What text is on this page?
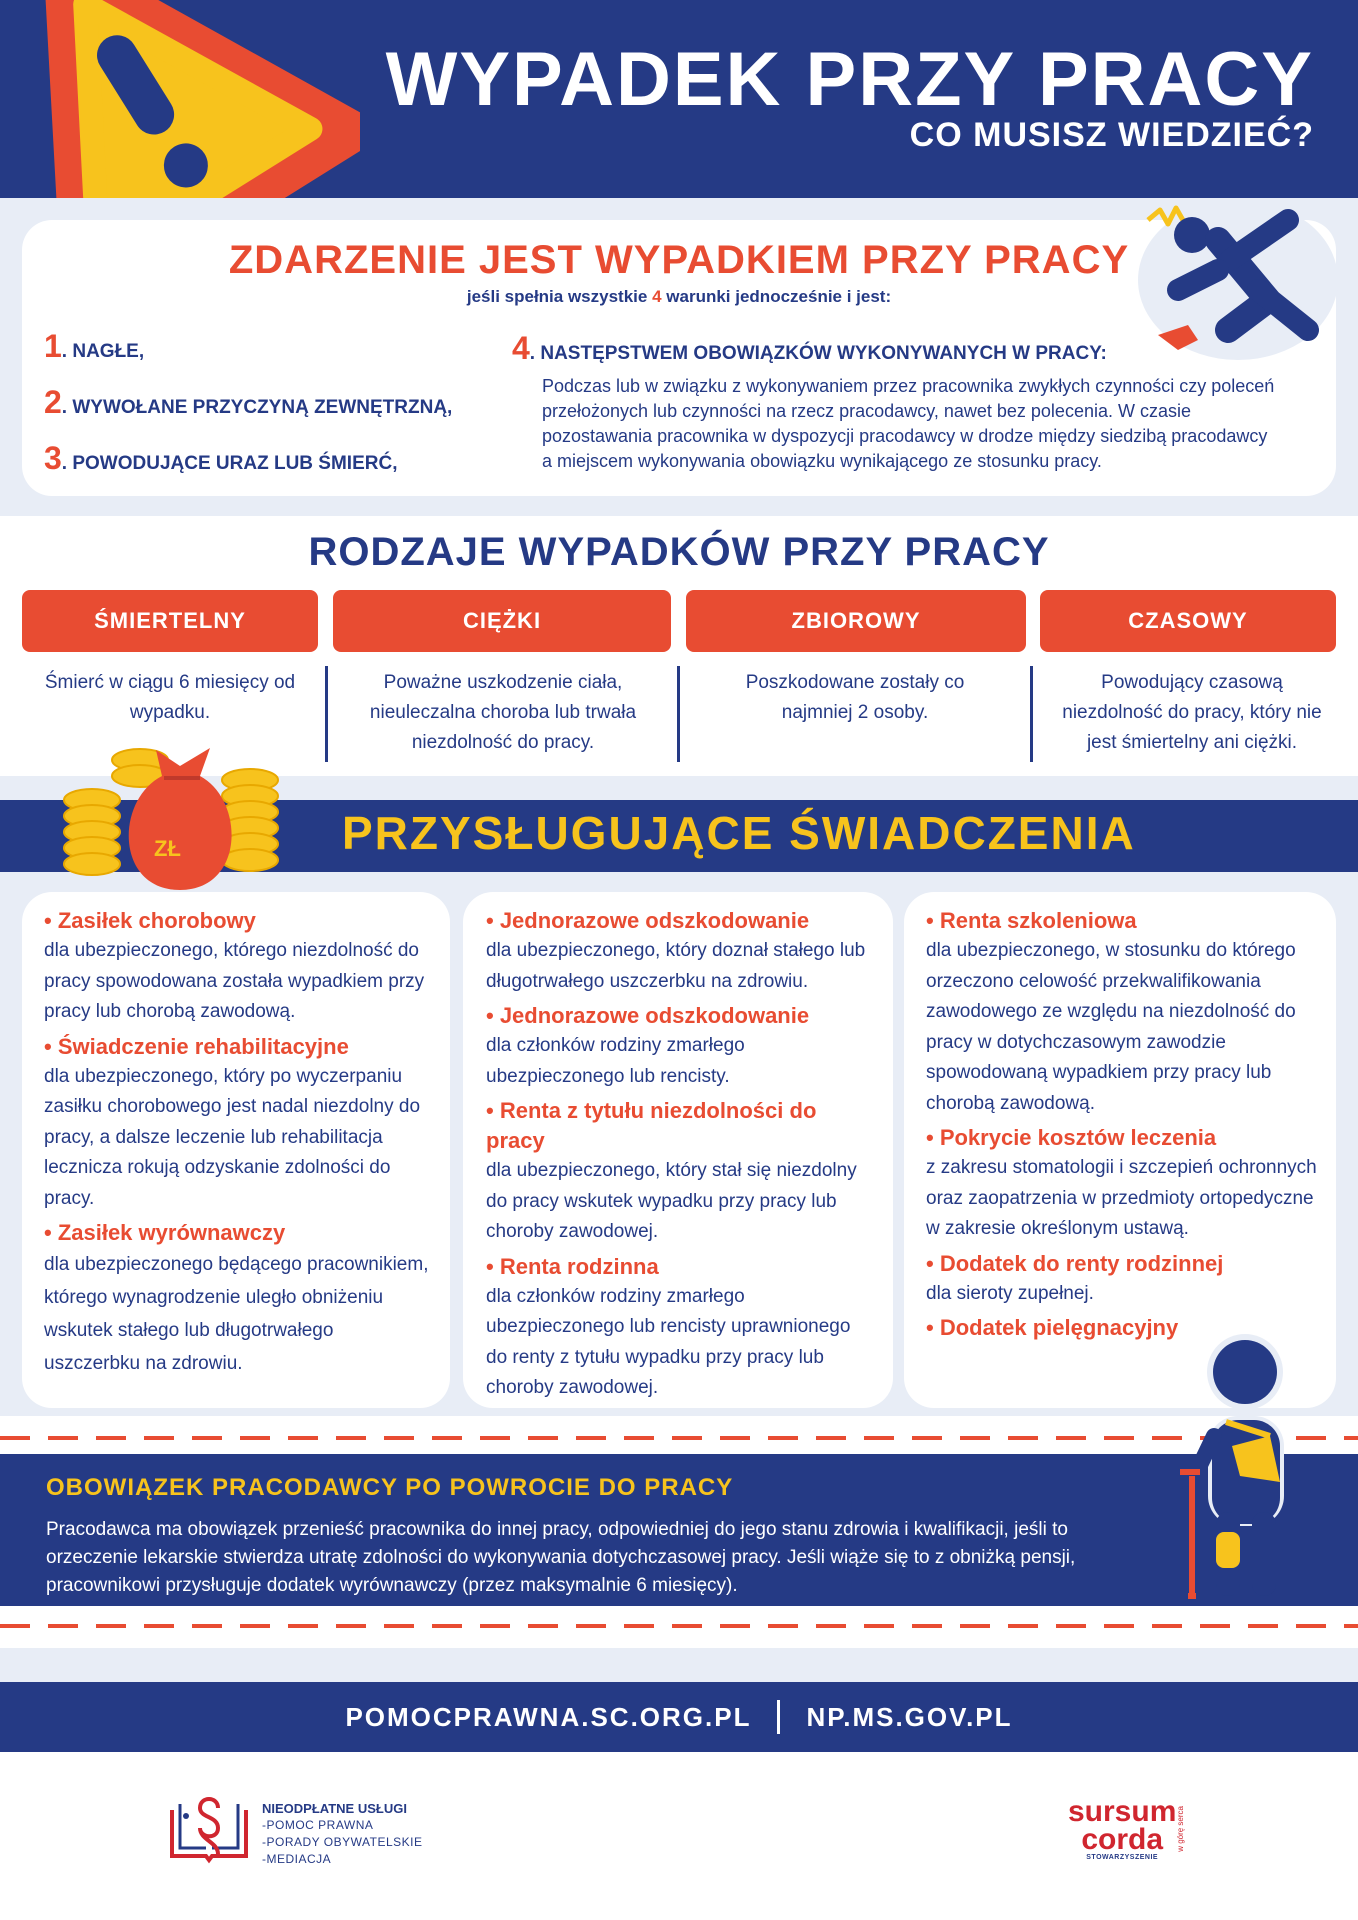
WYPADEK PRZY PRACY
CO MUSISZ WIEDZIEĆ?
ZDARZENIE JEST WYPADKIEM PRZY PRACY
jeśli spełnia wszystkie 4 warunki jednocześnie i jest:
1. NAGŁE,
2. WYWOŁANE PRZYCZYNĄ ZEWNĘTRZNĄ,
3. POWODUJĄCE URAZ LUB ŚMIERĆ,
4. NASTĘPSTWEM OBOWIĄZKÓW WYKONYWANYCH W PRACY:
Podczas lub w związku z wykonywaniem przez pracownika zwykłych czynności czy poleceń przełożonych lub czynności na rzecz pracodawcy, nawet bez polecenia. W czasie pozostawania pracownika w dyspozycji pracodawcy w drodze między siedzibą pracodawcy a miejscem wykonywania obowiązku wynikającego ze stosunku pracy.
RODZAJE WYPADKÓW PRZY PRACY
ŚMIERTELNY	CIĘŻKI	ZBIOROWY	CZASOWY
Śmierć w ciągu 6 miesięcy od wypadku.
Poważne uszkodzenie ciała, nieuleczalna choroba lub trwała niezdolność do pracy.
Poszkodowane zostały co najmniej 2 osoby.
Powodujący czasową niezdolność do pracy, który nie jest śmiertelny ani ciężki.
ZŁ	PRZYSŁUGUJĄCE ŚWIADCZENIA
• Zasiłek chorobowy
dla ubezpieczonego, którego niezdolność do pracy spowodowana została wypadkiem przy pracy lub chorobą zawodową.
• Świadczenie rehabilitacyjne
dla ubezpieczonego, który po wyczerpaniu zasiłku chorobowego jest nadal niezdolny do pracy, a dalsze leczenie lub rehabilitacja lecznicza rokują odzyskanie zdolności do pracy.
• Zasiłek wyrównawczy
dla ubezpieczonego będącego pracownikiem, którego wynagrodzenie uległo obniżeniu wskutek stałego lub długotrwałego uszczerbku na zdrowiu.
• Jednorazowe odszkodowanie
dla ubezpieczonego, który doznał stałego lub długotrwałego uszczerbku na zdrowiu.
• Jednorazowe odszkodowanie
dla członków rodziny zmarłego ubezpieczonego lub rencisty.
• Renta z tytułu niezdolności do pracy
dla ubezpieczonego, który stał się niezdolny do pracy wskutek wypadku przy pracy lub choroby zawodowej.
• Renta rodzinna
dla członków rodziny zmarłego ubezpieczonego lub rencisty uprawnionego do renty z tytułu wypadku przy pracy lub choroby zawodowej.
• Renta szkoleniowa
dla ubezpieczonego, w stosunku do którego orzeczono celowość przekwalifikowania zawodowego ze względu na niezdolność do pracy w dotychczasowym zawodzie spowodowaną wypadkiem przy pracy lub chorobą zawodową.
• Pokrycie kosztów leczenia
z zakresu stomatologii i szczepień ochronnych oraz zaopatrzenia w przedmioty ortopedyczne w zakresie określonym ustawą.
• Dodatek do renty rodzinnej
dla sieroty zupełnej.
• Dodatek pielęgnacyjny
OBOWIĄZEK PRACODAWCY PO POWROCIE DO PRACY
Pracodawca ma obowiązek przenieść pracownika do innej pracy, odpowiedniej do jego stanu zdrowia i kwalifikacji, jeśli to orzeczenie lekarskie stwierdza utratę zdolności do wykonywania dotychczasowej pracy. Jeśli wiąże się to z obniżką pensji, pracownikowi przysługuje dodatek wyrównawczy (przez maksymalnie 6 miesięcy).
POMOCPRAWNA.SC.ORG.PL NP.MS.GOV.PL
NIEODPŁATNE USŁUGI
-POMOC PRAWNA
-PORADY OBYWATELSKIE
-MEDIACJA
sursum
corda
STOWARZYSZENIE
w górę serca
